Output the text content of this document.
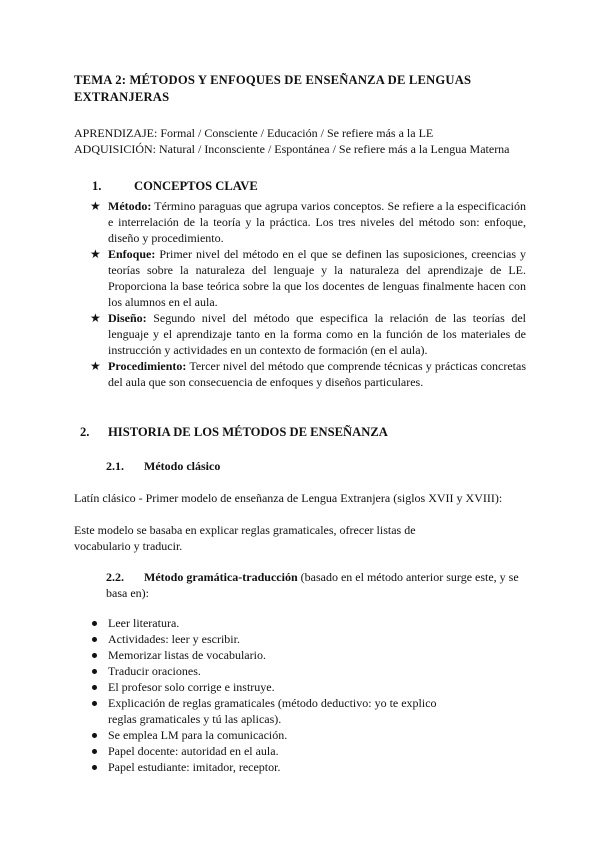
TEMA 2: MÉTODOS Y ENFOQUES DE ENSEÑANZA DE LENGUAS EXTRANJERAS
APRENDIZAJE: Formal / Consciente / Educación / Se refiere más a la LE
ADQUISICIÓN: Natural / Inconsciente / Espontánea / Se refiere más a la Lengua Materna
1.	CONCEPTOS CLAVE
★ Método: Término paraguas que agrupa varios conceptos. Se refiere a la especificación e interrelación de la teoría y la práctica. Los tres niveles del método son: enfoque, diseño y procedimiento.
★ Enfoque: Primer nivel del método en el que se definen las suposiciones, creencias y teorías sobre la naturaleza del lenguaje y la naturaleza del aprendizaje de LE. Proporciona la base teórica sobre la que los docentes de lenguas finalmente hacen con los alumnos en el aula.
★ Diseño: Segundo nivel del método que especifica la relación de las teorías del lenguaje y el aprendizaje tanto en la forma como en la función de los materiales de instrucción y actividades en un contexto de formación (en el aula).
★ Procedimiento: Tercer nivel del método que comprende técnicas y prácticas concretas del aula que son consecuencia de enfoques y diseños particulares.
2. HISTORIA DE LOS MÉTODOS DE ENSEÑANZA
2.1. Método clásico
Latín clásico - Primer modelo de enseñanza de Lengua Extranjera (siglos XVII y XVIII):
Este modelo se basaba en explicar reglas gramaticales, ofrecer listas de vocabulario y traducir.
2.2. Método gramática-traducción (basado en el método anterior surge este, y se basa en):
Leer literatura.
Actividades: leer y escribir.
Memorizar listas de vocabulario.
Traducir oraciones.
El profesor solo corrige e instruye.
Explicación de reglas gramaticales (método deductivo: yo te explico reglas gramaticales y tú las aplicas).
Se emplea LM para la comunicación.
Papel docente: autoridad en el aula.
Papel estudiante: imitador, receptor.
